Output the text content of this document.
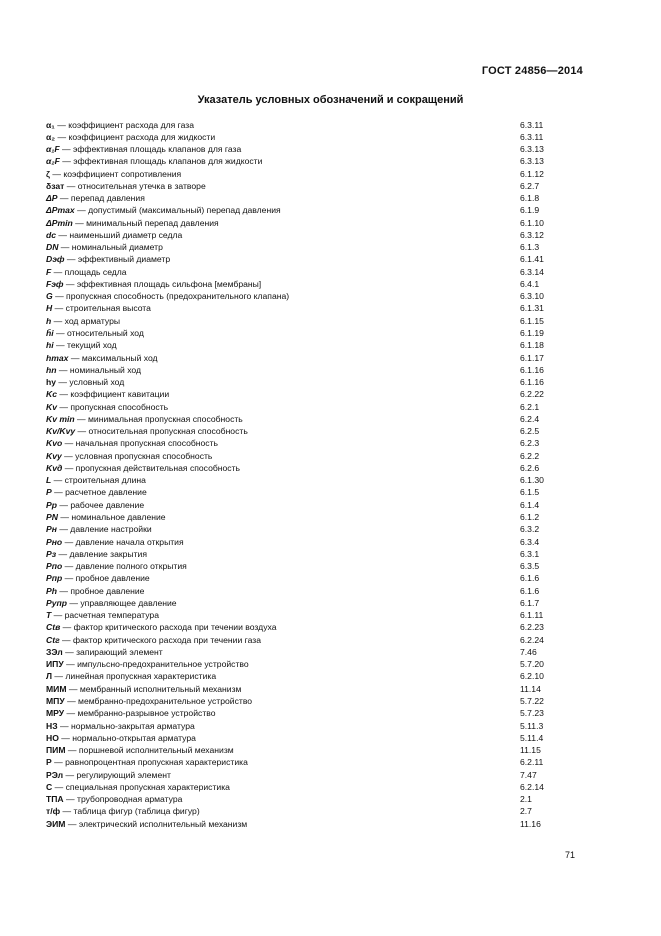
ГОСТ 24856—2014
Указатель условных обозначений и сокращений
α₁ — коэффициент расхода для газа	6.3.11
α₂ — коэффициент расхода для жидкости	6.3.11
α₁F — эффективная площадь клапанов для газа	6.3.13
α₂F — эффективная площадь клапанов для жидкости	6.3.13
ζ — коэффициент сопротивления	6.1.12
δзат — относительная утечка в затворе	6.2.7
ΔP — перепад давления	6.1.8
ΔPmax — допустимый (максимальный) перепад давления	6.1.9
ΔPmin — минимальный перепад давления	6.1.10
dс — наименьший диаметр седла	6.3.12
DN — номинальный диаметр	6.1.3
Dэф — эффективный диаметр	6.1.41
F — площадь седла	6.3.14
Fэф — эффективная площадь сильфона [мембраны]	6.4.1
G — пропускная способность (предохранительного клапана)	6.3.10
H — строительная высота	6.1.31
h — ход арматуры	6.1.15
h̄i — относительный ход	6.1.19
hi — текущий ход	6.1.18
hmax — максимальный ход	6.1.17
hn — номинальный ход	6.1.16
hy — условный ход	6.1.16
Kc — коэффициент кавитации	6.2.22
Kv — пропускная способность	6.2.1
Kv min — минимальная пропускная способность	6.2.4
Kv/Kvy — относительная пропускная способность	6.2.5
Kvo — начальная пропускная способность	6.2.3
Kvy — условная пропускная способность	6.2.2
Kvд — пропускная действительная способность	6.2.6
L — строительная длина	6.1.30
P — расчетное давление	6.1.5
Pp — рабочее давление	6.1.4
PN — номинальное давление	6.1.2
Pн — давление настройки	6.3.2
Pно — давление начала открытия	6.3.4
Pз — давление закрытия	6.3.1
Pпо — давление полного открытия	6.3.5
Pпр — пробное давление	6.1.6
Ph — пробное давление	6.1.6
Pупр — управляющее давление	6.1.7
T — расчетная температура	6.1.11
Ctв — фактор критического расхода при течении воздуха	6.2.23
Ctг — фактор критического расхода при течении газа	6.2.24
ЗЭл — запирающий элемент	7.46
ИПУ — импульсно-предохранительное устройство	5.7.20
Л — линейная пропускная характеристика	6.2.10
МИМ — мембранный исполнительный механизм	11.14
МПУ — мембранно-предохранительное устройство	5.7.22
МРУ — мембранно-разрывное устройство	5.7.23
НЗ — нормально-закрытая арматура	5.11.3
НО — нормально-открытая арматура	5.11.4
ПИМ — поршневой исполнительный механизм	11.15
Р — равнопроцентная пропускная характеристика	6.2.11
РЭл — регулирующий элемент	7.47
С — специальная пропускная характеристика	6.2.14
ТПА — трубопроводная арматура	2.1
т/ф — таблица фигур (таблица фигур)	2.7
ЭИМ — электрический исполнительный механизм	11.16
71
